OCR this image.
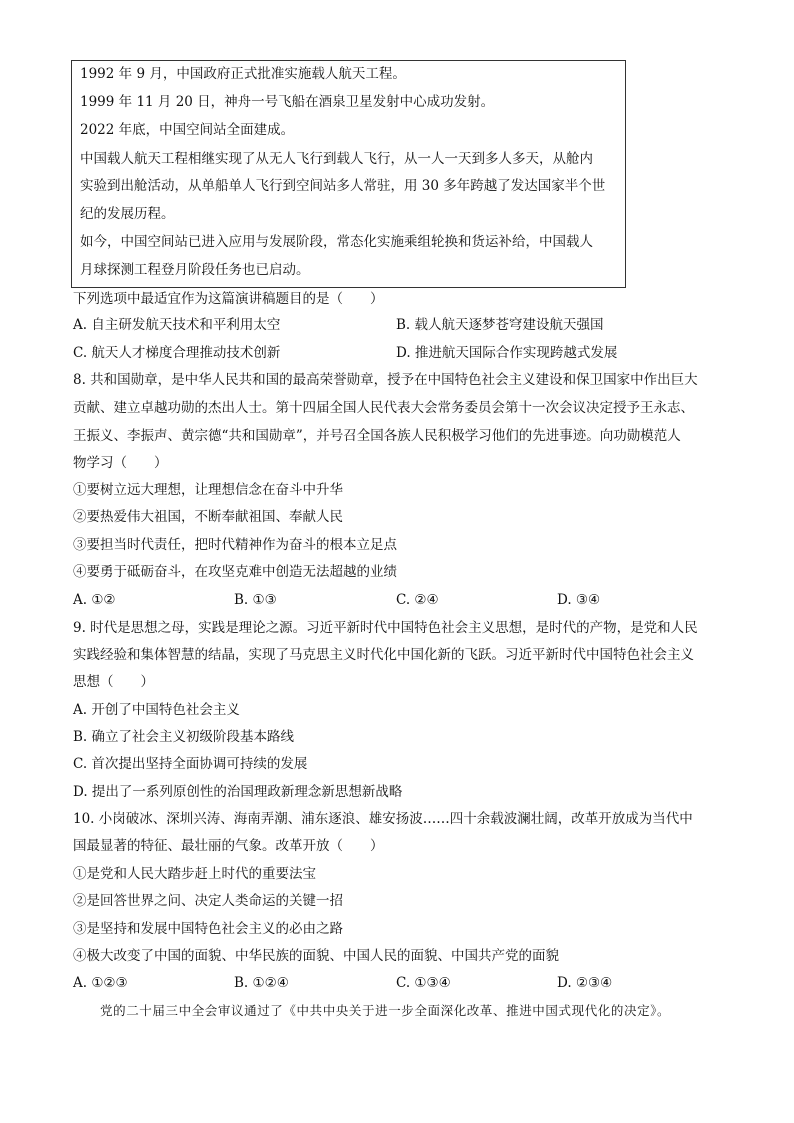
1992 年 9 月，中国政府正式批准实施载人航天工程。
1999 年 11 月 20 日，神舟一号飞船在酒泉卫星发射中心成功发射。
2022 年底，中国空间站全面建成。
中国载人航天工程相继实现了从无人飞行到载人飞行，从一人一天到多人多天，从舱内
实验到出舱活动，从单船单人飞行到空间站多人常驻，用 30 多年跨越了发达国家半个世
纪的发展历程。
如今，中国空间站已进入应用与发展阶段，常态化实施乘组轮换和货运补给，中国载人
月球探测工程登月阶段任务也已启动。
下列选项中最适宜作为这篇演讲稿题目的是（　　）
A. 自主研发航天技术和平利用太空	B. 载人航天逐梦苍穹建设航天强国
C. 航天人才梯度合理推动技术创新	D. 推进航天国际合作实现跨越式发展
8. 共和国勋章，是中华人民共和国的最高荣誉勋章，授予在中国特色社会主义建设和保卫国家中作出巨大
贡献、建立卓越功勋的杰出人士。第十四届全国人民代表大会常务委员会第十一次会议决定授予王永志、
王振义、李振声、黄宗德“共和国勋章”，并号召全国各族人民积极学习他们的先进事迹。向功勋模范人
物学习（　　）
①要树立远大理想，让理想信念在奋斗中升华
②要热爱伟大祖国，不断奉献祖国、奉献人民
③要担当时代责任，把时代精神作为奋斗的根本立足点
④要勇于砥砺奋斗，在攻坚克难中创造无法超越的业绩
A. ①②	B. ①③	C. ②④	D. ③④
9. 时代是思想之母，实践是理论之源。习近平新时代中国特色社会主义思想，是时代的产物，是党和人民
实践经验和集体智慧的结晶，实现了马克思主义时代化中国化新的飞跃。习近平新时代中国特色社会主义
思想（　　）
A. 开创了中国特色社会主义
B. 确立了社会主义初级阶段基本路线
C. 首次提出坚持全面协调可持续的发展
D. 提出了一系列原创性的治国理政新理念新思想新战略
10. 小岗破冰、深圳兴涛、海南弄潮、浦东逐浪、雄安扬波……四十余载波澜壮阔，改革开放成为当代中
国最显著的特征、最壮丽的气象。改革开放（　　）
①是党和人民大踏步赶上时代的重要法宝
②是回答世界之问、决定人类命运的关键一招
③是坚持和发展中国特色社会主义的必由之路
④极大改变了中国的面貌、中华民族的面貌、中国人民的面貌、中国共产党的面貌
A. ①②③	B. ①②④	C. ①③④	D. ②③④
党的二十届三中全会审议通过了《中共中央关于进一步全面深化改革、推进中国式现代化的决定》。
